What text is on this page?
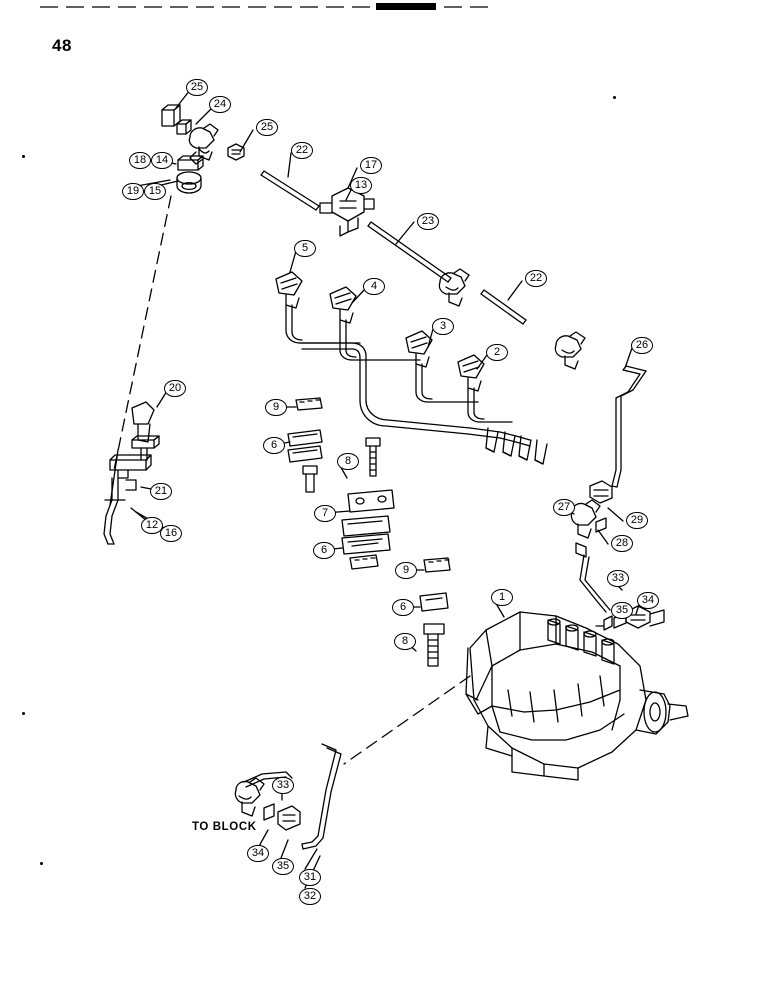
48
TO BLOCK
25
24
25
22
17
13
18 14
19 15
23
5
4
22
3
2
26
20
9
6
8
21
7
12
16
27
29
28
6
9
1
33
35
34
6
8
33
34
35
31
32
